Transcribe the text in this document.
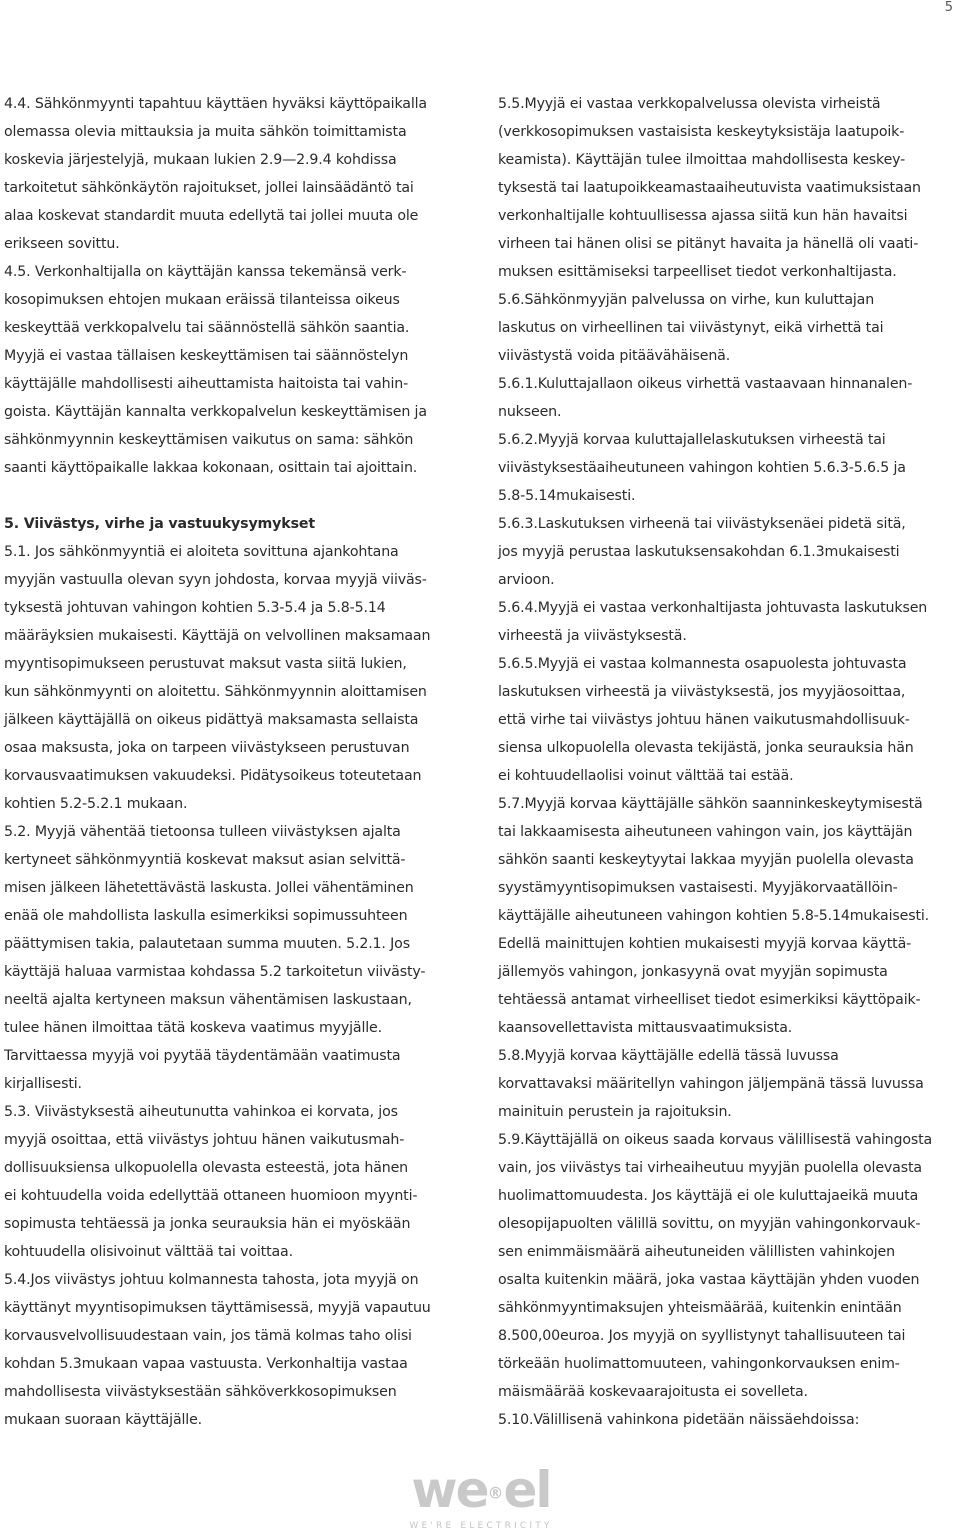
5
4.4. Sähkönmyynti tapahtuu käyttäen hyväksi käyttöpaikalla
olemassa olevia mittauksia ja muita sähkön toimittamista
koskevia järjestelyjä, mukaan lukien 2.9—2.9.4 kohdissa
tarkoitetut sähkönkäytön rajoitukset, jollei lainsäädäntö tai
alaa koskevat standardit muuta edellytä tai jollei muuta ole
erikseen sovittu.
4.5. Verkonhaltijalla on käyttäjän kanssa tekemänsä verk-
kosopimuksen ehtojen mukaan eräissä tilanteissa oikeus
keskeyttää verkkopalvelu tai säännöstellä sähkön saantia.
Myyjä ei vastaa tällaisen keskeyttämisen tai säännöstelyn
käyttäjälle mahdollisesti aiheuttamista haitoista tai vahin-
goista. Käyttäjän kannalta verkkopalvelun keskeyttämisen ja
sähkönmyynnin keskeyttämisen vaikutus on sama: sähkön
saanti käyttöpaikalle lakkaa kokonaan, osittain tai ajoittain.
5. Viivästys, virhe ja vastuukysymykset
5.1. Jos sähkönmyyntiä ei aloiteta sovittuna ajankohtana
myyjän vastuulla olevan syyn johdosta, korvaa myyjä viiväs-
tyksestä johtuvan vahingon kohtien 5.3-5.4 ja 5.8-5.14
määräyksien mukaisesti. Käyttäjä on velvollinen maksamaan
myyntisopimukseen perustuvat maksut vasta siitä lukien,
kun sähkönmyynti on aloitettu. Sähkönmyynnin aloittamisen
jälkeen käyttäjällä on oikeus pidättyä maksamasta sellaista
osaa maksusta, joka on tarpeen viivästykseen perustuvan
korvausvaatimuksen vakuudeksi. Pidätysoikeus toteutetaan
kohtien 5.2-5.2.1 mukaan.
5.2. Myyjä vähentää tietoonsa tulleen viivästyksen ajalta
kertyneet sähkönmyyntiä koskevat maksut asian selvittä-
misen jälkeen lähetettävästä laskusta. Jollei vähentäminen
enää ole mahdollista laskulla esimerkiksi sopimussuhteen
päättymisen takia, palautetaan summa muuten. 5.2.1. Jos
käyttäjä haluaa varmistaa kohdassa 5.2 tarkoitetun viivästy-
neeltä ajalta kertyneen maksun vähentämisen laskustaan,
tulee hänen ilmoittaa tätä koskeva vaatimus myyjälle.
Tarvittaessa myyjä voi pyytää täydentämään vaatimusta
kirjallisesti.
5.3. Viivästyksestä aiheutunutta vahinkoa ei korvata, jos
myyjä osoittaa, että viivästys johtuu hänen vaikutusmah-
dollisuuksiensa ulkopuolella olevasta esteestä, jota hänen
ei kohtuudella voida edellyttää ottaneen huomioon myynti-
sopimusta tehtäessä ja jonka seurauksia hän ei myöskään
kohtuudella olisivoinut välttää tai voittaa.
5.4.Jos viivästys johtuu kolmannesta tahosta, jota myyjä on
käyttänyt myyntisopimuksen täyttämisessä, myyjä vapautuu
korvausvelvollisuudestaan vain, jos tämä kolmas taho olisi
kohdan 5.3mukaan vapaa vastuusta. Verkonhaltija vastaa
mahdollisesta viivästyksestään sähköverkkosopimuksen
mukaan suoraan käyttäjälle.
5.5.Myyjä ei vastaa verkkopalvelussa olevista virheistä
(verkkosopimuksen vastaisista keskeytyksistäja laatupoik-
keamista). Käyttäjän tulee ilmoittaa mahdollisesta keskey-
tyksestä tai laatupoikkeamastaaiheutuvista vaatimuksistaan
verkonhaltijalle kohtuullisessa ajassa siitä kun hän havaitsi
virheen tai hänen olisi se pitänyt havaita ja hänellä oli vaati-
muksen esittämiseksi tarpeelliset tiedot verkonhaltijasta.
5.6.Sähkönmyyjän palvelussa on virhe, kun kuluttajan
laskutus on virheellinen tai viivästynyt, eikä virhettä tai
viivästystä voida pitäävähäisenä.
5.6.1.Kuluttajallaon oikeus virhettä vastaavaan hinnanalen-
nukseen.
5.6.2.Myyjä korvaa kuluttajallelaskutuksen virheestä tai
viivästyksestäaiheutuneen vahingon kohtien 5.6.3-5.6.5 ja
5.8-5.14mukaisesti.
5.6.3.Laskutuksen virheenä tai viivästyksenäei pidetä sitä,
jos myyjä perustaa laskutuksensakohdan 6.1.3mukaisesti
arvioon.
5.6.4.Myyjä ei vastaa verkonhaltijasta johtuvasta laskutuksen
virheestä ja viivästyksestä.
5.6.5.Myyjä ei vastaa kolmannesta osapuolesta johtuvasta
laskutuksen virheestä ja viivästyksestä, jos myyjäosoittaa,
että virhe tai viivästys johtuu hänen vaikutusmahdollisuuk-
siensa ulkopuolella olevasta tekijästä, jonka seurauksia hän
ei kohtuudellaolisi voinut välttää tai estää.
5.7.Myyjä korvaa käyttäjälle sähkön saanninkeskeytymisestä
tai lakkaamisesta aiheutuneen vahingon vain, jos käyttäjän
sähkön saanti keskeytyytai lakkaa myyjän puolella olevasta
syystämyyntisopimuksen vastaisesti. Myyjäkorvaatällöin-
käyttäjälle aiheutuneen vahingon kohtien 5.8-5.14mukaisesti.
Edellä mainittujen kohtien mukaisesti myyjä korvaa käyttä-
jällemyös vahingon, jonkasyynä ovat myyjän sopimusta
tehtäessä antamat virheelliset tiedot esimerkiksi käyttöpaik-
kaansovellettavista mittausvaatimuksista.
5.8.Myyjä korvaa käyttäjälle edellä tässä luvussa
korvattavaksi määritellyn vahingon jäljempänä tässä luvussa
mainituin perustein ja rajoituksin.
5.9.Käyttäjällä on oikeus saada korvaus välillisestä vahingosta
vain, jos viivästys tai virheaiheutuu myyjän puolella olevasta
huolimattomuudesta. Jos käyttäjä ei ole kuluttajaeikä muuta
olesopijapuolten välillä sovittu, on myyjän vahingonkorvauk-
sen enimmäismäärä aiheutuneiden välillisten vahinkojen
osalta kuitenkin määrä, joka vastaa käyttäjän yhden vuoden
sähkönmyyntimaksujen yhteismäärää, kuitenkin enintään
8.500,00euroa. Jos myyjä on syyllistynyt tahallisuuteen tai
törkeään huolimattomuuteen, vahingonkorvauksen enim-
mäismäärää koskevaarajoitusta ei sovelleta.
5.10.Välillisenä vahinkona pidetään näissäehdoissa:
we®el
WE'RE ELECTRICITY
